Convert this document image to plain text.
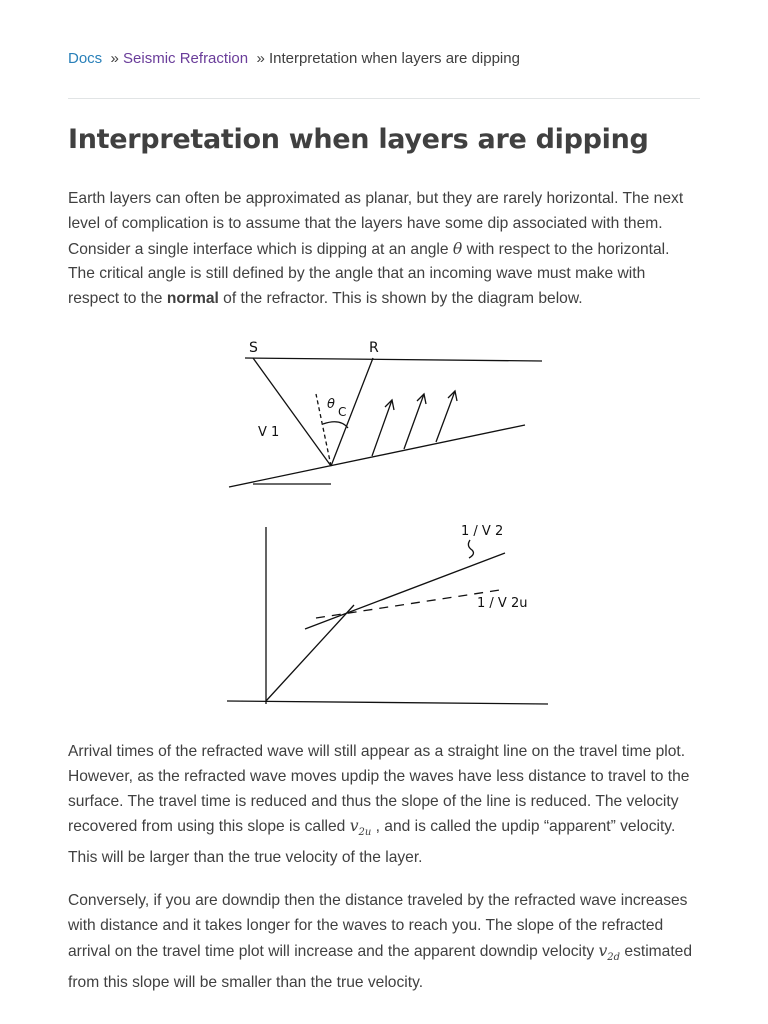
Docs » Seismic Refraction » Interpretation when layers are dipping
Interpretation when layers are dipping

Earth layers can often be approximated as planar, but they are rarely horizontal. The next level of complication is to assume that the layers have some dip associated with them. Consider a single interface which is dipping at an angle θ with respect to the horizontal. The critical angle is still defined by the angle that an incoming wave must make with respect to the normal of the refractor. This is shown by the diagram below.

S	R
θ C
V 1
1 / V 2
1 / V 2u

Arrival times of the refracted wave will still appear as a straight line on the travel time plot. However, as the refracted wave moves updip the waves have less distance to travel to the surface. The travel time is reduced and thus the slope of the line is reduced. The velocity recovered from using this slope is called $v_{2u}$ , and is called the updip “apparent” velocity. This will be larger than the true velocity of the layer.

Conversely, if you are downdip then the distance traveled by the refracted wave increases with distance and it takes longer for the waves to reach you. The slope of the refracted arrival on the travel time plot will increase and the apparent downdip velocity $v_{2d}$ estimated from this slope will be smaller than the true velocity.
